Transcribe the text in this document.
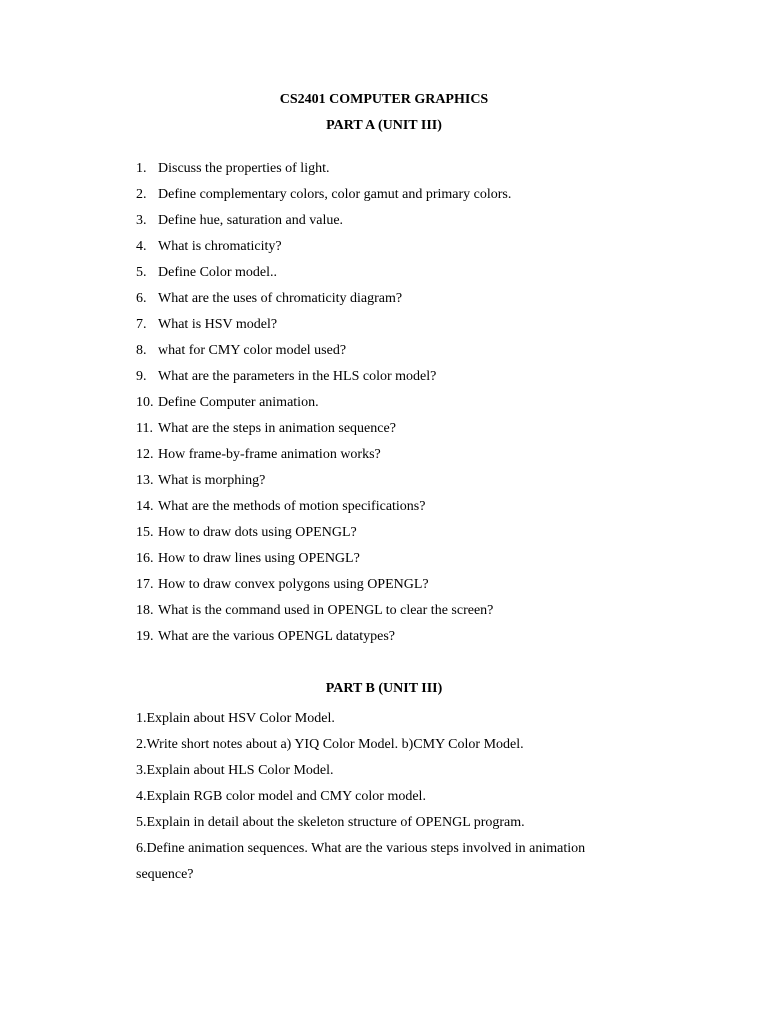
CS2401 COMPUTER GRAPHICS
PART A (UNIT III)
1. Discuss the properties of light.
2. Define complementary colors, color gamut and primary colors.
3. Define hue, saturation and value.
4. What is chromaticity?
5. Define Color model..
6. What are the uses of chromaticity diagram?
7. What is HSV model?
8. what for CMY color model used?
9. What are the parameters in the HLS color model?
10. Define Computer animation.
11. What are the steps in animation sequence?
12. How frame-by-frame animation works?
13. What is morphing?
14. What are the methods of motion specifications?
15. How to draw dots using OPENGL?
16. How to draw lines using OPENGL?
17. How to draw convex polygons using OPENGL?
18. What is the command used in OPENGL to clear the screen?
19. What are the various OPENGL datatypes?
PART B (UNIT III)
1.Explain about HSV Color Model.
2.Write short notes about a) YIQ Color Model. b)CMY Color Model.
3.Explain about HLS Color Model.
4.Explain RGB color model and CMY color model.
5.Explain in detail about the skeleton structure of OPENGL program.
6.Define animation sequences. What are the various steps involved in animation sequence?
